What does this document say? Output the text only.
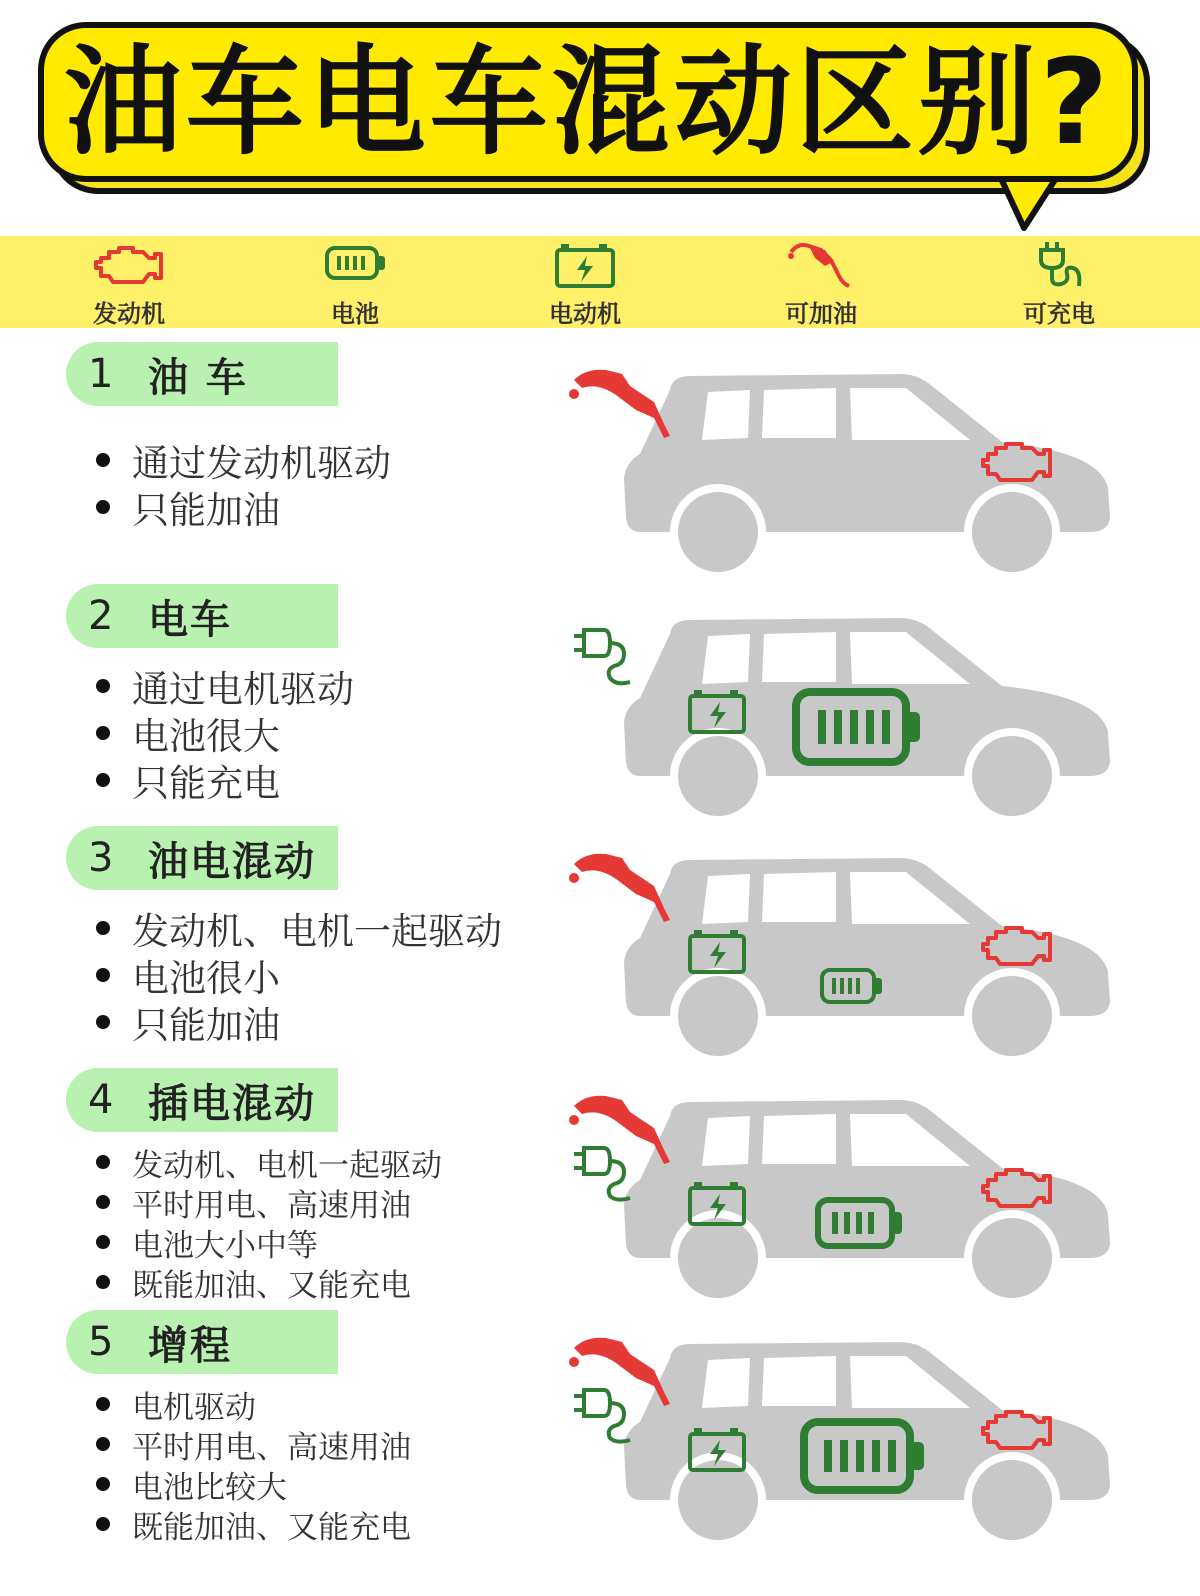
油车电车混动区别?
发动机	电池	电动机	可加油	可充电
1 油 车
通过发动机驱动
只能加油
2 电车
通过电机驱动
电池很大
只能充电
3 油电混动
发动机、电机一起驱动
电池很小
只能加油
4 插电混动
发动机、电机一起驱动
平时用电、高速用油
电池大小中等
既能加油、又能充电
5 增程
电机驱动
平时用电、高速用油
电池比较大
既能加油、又能充电
